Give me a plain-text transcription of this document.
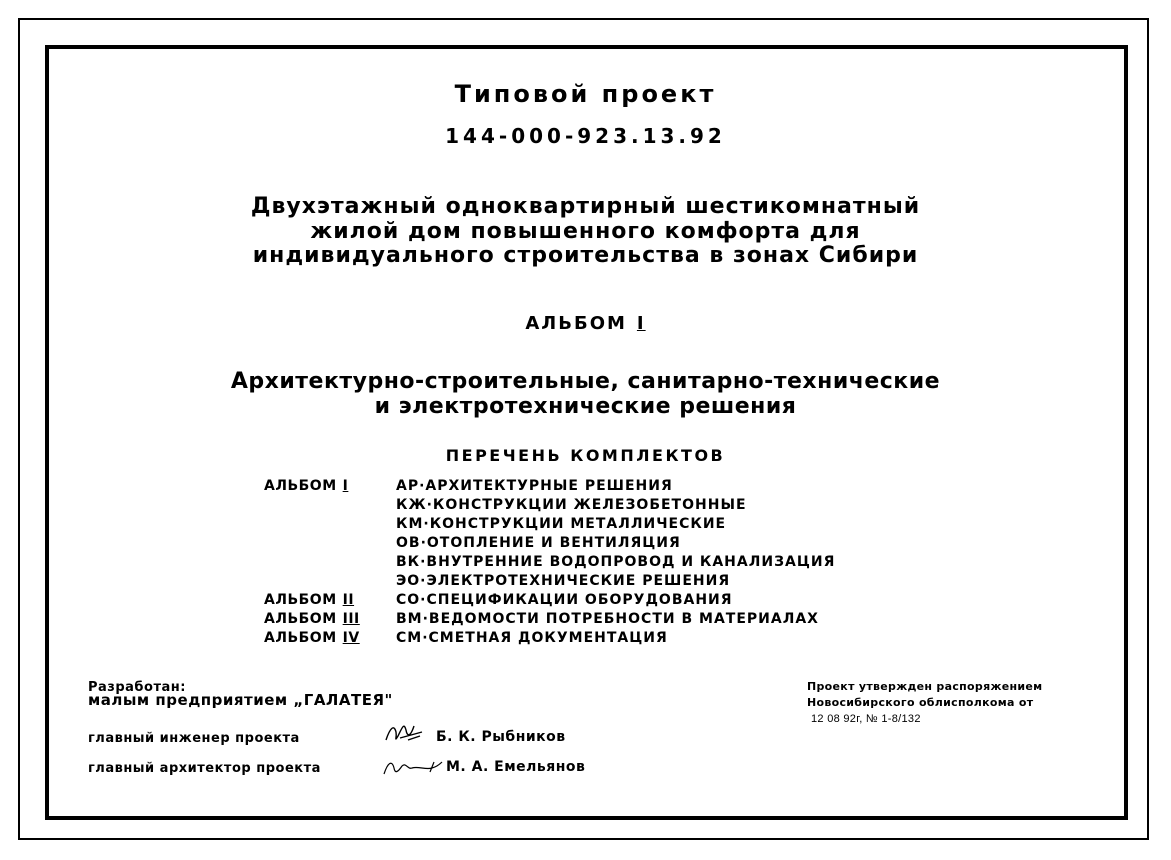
Типовой проект
144-000-923.13.92
Двухэтажный одноквартирный шестикомнатный
жилой дом повышенного комфорта для
индивидуального строительства в зонах Сибири
АЛЬБОМ I
Архитектурно-строительные, санитарно-технические
и электротехнические решения
ПЕРЕЧЕНЬ КОМПЛЕКТОВ
АЛЬБОМ I
АЛЬБОМ II
АЛЬБОМ III
АЛЬБОМ IV
АР·АРХИТЕКТУРНЫЕ РЕШЕНИЯ
КЖ·КОНСТРУКЦИИ ЖЕЛЕЗОБЕТОННЫЕ
КМ·КОНСТРУКЦИИ МЕТАЛЛИЧЕСКИЕ
ОВ·ОТОПЛЕНИЕ И ВЕНТИЛЯЦИЯ
ВК·ВНУТРЕННИЕ ВОДОПРОВОД И КАНАЛИЗАЦИЯ
ЭО·ЭЛЕКТРОТЕХНИЧЕСКИЕ РЕШЕНИЯ
СО·СПЕЦИФИКАЦИИ ОБОРУДОВАНИЯ
ВМ·ВЕДОМОСТИ ПОТРЕБНОСТИ В МАТЕРИАЛАХ
СМ·СМЕТНАЯ ДОКУМЕНТАЦИЯ
Разработан:
малым предприятием „ГАЛАТЕЯ"
главный инженер проекта	Б. К. Рыбников
главный архитектор проекта	М. А. Емельянов
Проект утвержден распоряжением
Новосибирского облисполкома от
12 08 92г, № 1-8/132
